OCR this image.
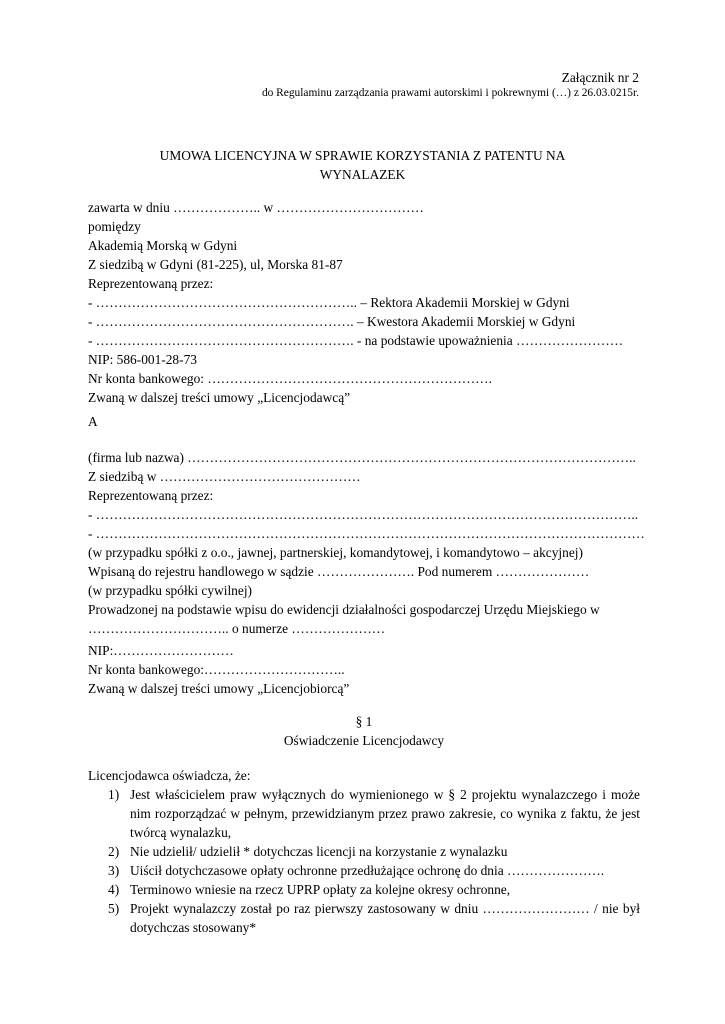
Załącznik nr 2
do Regulaminu zarządzania prawami autorskimi i pokrewnymi (…) z 26.03.0215r.
UMOWA LICENCYJNA W SPRAWIE KORZYSTANIA Z PATENTU NA
WYNALAZEK
zawarta w dniu ……………….. w ……………………………
pomiędzy
Akademią Morską w Gdyni
Z siedzibą w Gdyni (81-225), ul, Morska 81-87
Reprezentowaną przez:
- ………………………………………………….. – Rektora Akademii Morskiej w Gdyni
- …………………………………………………. – Kwestora Akademii Morskiej w Gdyni
- …………………………………………………. - na podstawie upoważnienia ……………………
NIP: 586-001-28-73
Nr konta bankowego: ……………………………………………………….
Zwaną w dalszej treści umowy „Licencjodawcą”
A
(firma lub nazwa) ………………………………………………………………………………………..
Z siedzibą w ………………………………………
Reprezentowaną przez:
- …………………………………………………………………………………………………………..
- ……………………………………………………………………………………………………………
(w przypadku spółki z o.o., jawnej, partnerskiej, komandytowej, i komandytowo – akcyjnej)
Wpisaną do rejestru handlowego w sądzie …………………. Pod numerem …………………
(w przypadku spółki cywilnej)
Prowadzonej na podstawie wpisu do ewidencji działalności gospodarczej Urzędu Miejskiego w
………………………….. o numerze …………………
NIP:………………………
Nr konta bankowego:…………………………..
Zwaną w dalszej treści umowy „Licencjobiorcą”
§ 1
Oświadczenie Licencjodawcy
Licencjodawca oświadcza, że:
1) Jest właścicielem praw wyłącznych do wymienionego w § 2 projektu wynalazczego i może nim rozporządzać w pełnym, przewidzianym przez prawo zakresie, co wynika z faktu, że jest twórcą wynalazku,
2) Nie udzielił/ udzielił * dotychczas licencji na korzystanie z wynalazku
3) Uiścił dotychczasowe opłaty ochronne przedłużające ochronę do dnia ………………….
4) Terminowo wniesie na rzecz UPRP opłaty za kolejne okresy ochronne,
5) Projekt wynalazczy został po raz pierwszy zastosowany w dniu …………………… / nie był dotychczas stosowany*
